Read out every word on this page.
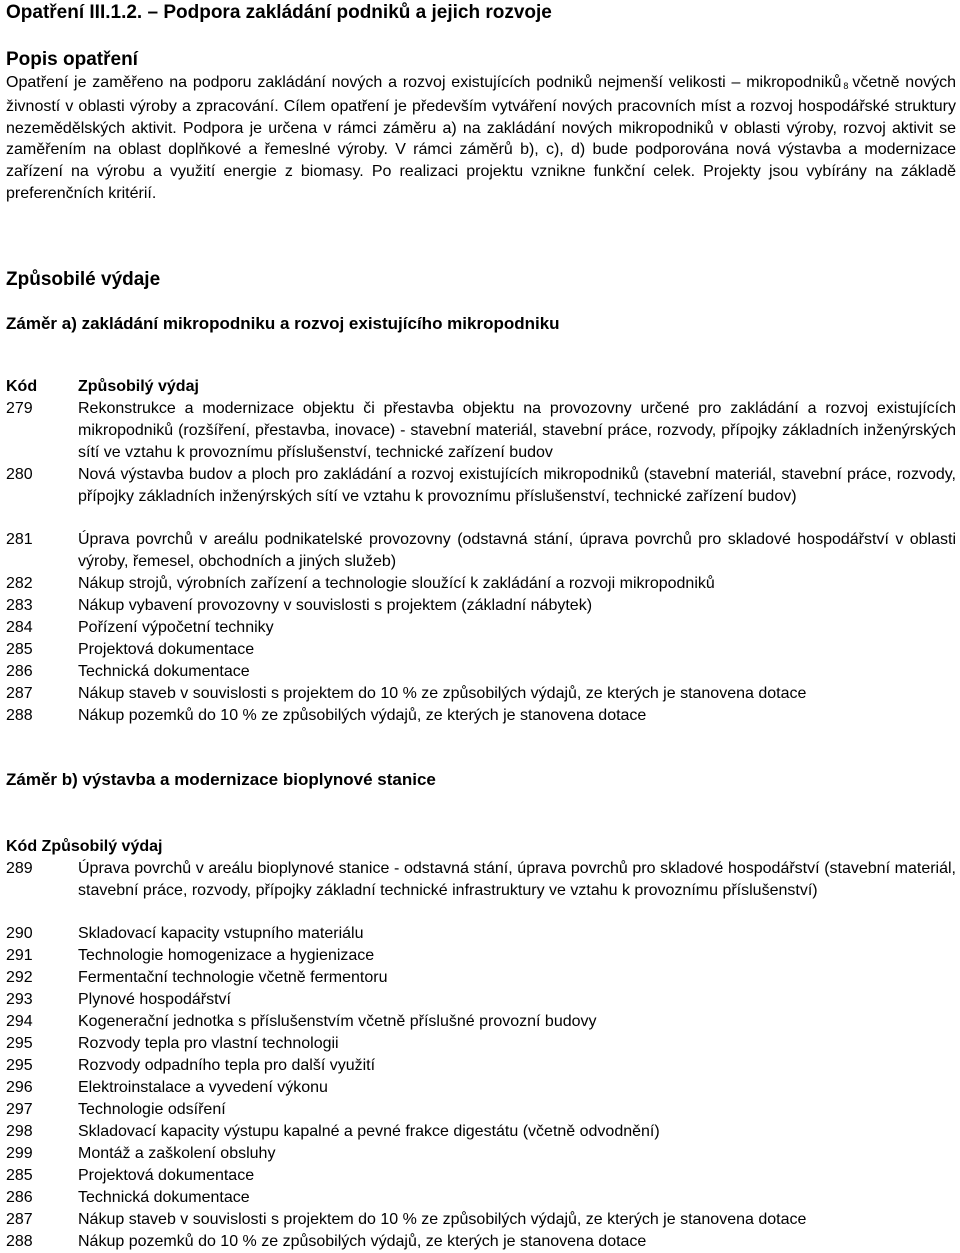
Opatření III.1.2. – Podpora zakládání podniků a jejich rozvoje
Popis opatření

Opatření je zaměřeno na podporu zakládání nových a rozvoj existujících podniků nejmenší velikosti – mikropodniků 8 včetně nových živností v oblasti výroby a zpracování. Cílem opatření je především vytváření nových pracovních míst a rozvoj hospodářské struktury nezemědělských aktivit. Podpora je určena v rámci záměru a) na zakládání nových mikropodniků v oblasti výroby, rozvoj aktivit se zaměřením na oblast doplňkové a řemeslné výroby. V rámci záměrů b), c), d) bude podporována nová výstavba a modernizace zařízení na výrobu a využití energie z biomasy. Po realizaci projektu vznikne funkční celek. Projekty jsou vybírány na základě preferenčních kritérií.

Způsobilé výdaje
Záměr a) zakládání mikropodniku a rozvoj existujícího mikropodniku
Kód	Způsobilý výdaj
279	Rekonstrukce a modernizace objektu či přestavba objektu na provozovny určené pro zakládání a rozvoj existujících mikropodniků (rozšíření, přestavba, inovace) - stavební materiál, stavební práce, rozvody, přípojky základních inženýrských sítí ve vztahu k provoznímu příslušenství, technické zařízení budov
280	Nová výstavba budov a ploch pro zakládání a rozvoj existujících mikropodniků (stavební materiál, stavební práce, rozvody, přípojky základních inženýrských sítí ve vztahu k provoznímu příslušenství, technické zařízení budov)
281	Úprava povrchů v areálu podnikatelské provozovny (odstavná stání, úprava povrchů pro skladové hospodářství v oblasti výroby, řemesel, obchodních a jiných služeb)
282	Nákup strojů, výrobních zařízení a technologie sloužící k zakládání a rozvoji mikropodniků
283	Nákup vybavení provozovny v souvislosti s projektem (základní nábytek)
284	Pořízení výpočetní techniky
285	Projektová dokumentace
286	Technická dokumentace
287	Nákup staveb v souvislosti s projektem do 10 % ze způsobilých výdajů, ze kterých je stanovena dotace
288	Nákup pozemků do 10 % ze způsobilých výdajů, ze kterých je stanovena dotace
Záměr b) výstavba a modernizace bioplynové stanice
Kód Způsobilý výdaj
289	Úprava povrchů v areálu bioplynové stanice - odstavná stání, úprava povrchů pro skladové hospodářství (stavební materiál, stavební práce, rozvody, přípojky základní technické infrastruktury ve vztahu k provoznímu příslušenství)
290	Skladovací kapacity vstupního materiálu
291	Technologie homogenizace a hygienizace
292	Fermentační technologie včetně fermentoru
293	Plynové hospodářství
294	Kogenerační jednotka s příslušenstvím včetně příslušné provozní budovy
295	Rozvody tepla pro vlastní technologii
295	Rozvody odpadního tepla pro další využití
296	Elektroinstalace a vyvedení výkonu
297	Technologie odsíření
298	Skladovací kapacity výstupu kapalné a pevné frakce digestátu (včetně odvodnění)
299	Montáž a zaškolení obsluhy
285	Projektová dokumentace
286	Technická dokumentace
287	Nákup staveb v souvislosti s projektem do 10 % ze způsobilých výdajů, ze kterých je stanovena dotace
288	Nákup pozemků do 10 % ze způsobilých výdajů, ze kterých je stanovena dotace
